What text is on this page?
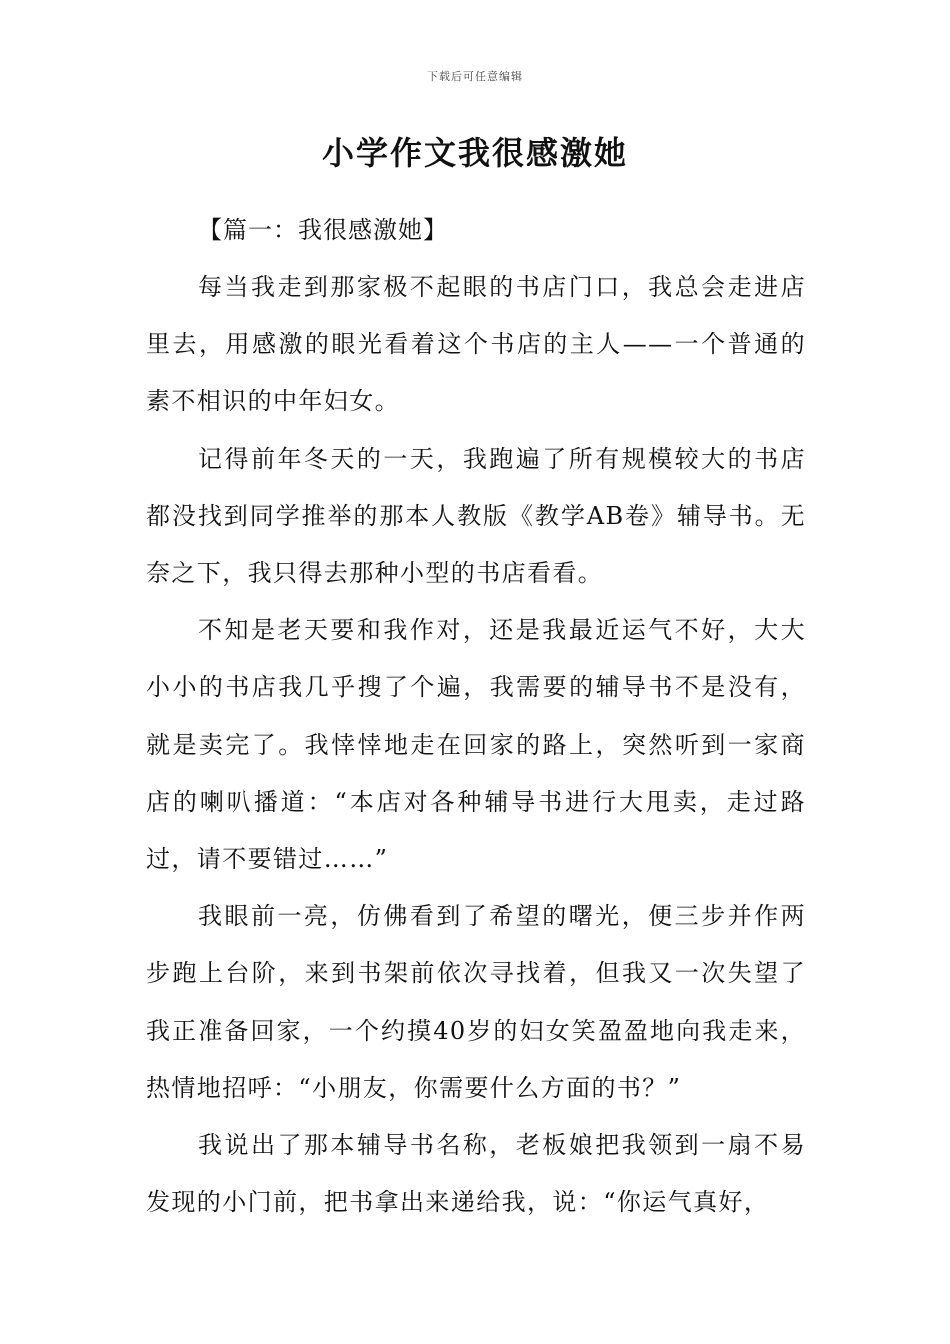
下载后可任意编辑
小学作文我很感激她

【篇一：我很感激她】

每当我走到那家极不起眼的书店门口，我总会走进店里去，用感激的眼光看着这个书店的主人——一个普通的素不相识的中年妇女。

记得前年冬天的一天，我跑遍了所有规模较大的书店都没找到同学推举的那本人教版《教学AB卷》辅导书。无奈之下，我只得去那种小型的书店看看。

不知是老天要和我作对，还是我最近运气不好，大大小小的书店我几乎搜了个遍，我需要的辅导书不是没有，就是卖完了。我悻悻地走在回家的路上，突然听到一家商店的喇叭播道：“本店对各种辅导书进行大甩卖，走过路过，请不要错过……”

我眼前一亮，仿佛看到了希望的曙光，便三步并作两步跑上台阶，来到书架前依次寻找着，但我又一次失望了我正准备回家，一个约摸40岁的妇女笑盈盈地向我走来，热情地招呼：“小朋友，你需要什么方面的书？”

我说出了那本辅导书名称，老板娘把我领到一扇不易发现的小门前，把书拿出来递给我，说：“你运气真好，
